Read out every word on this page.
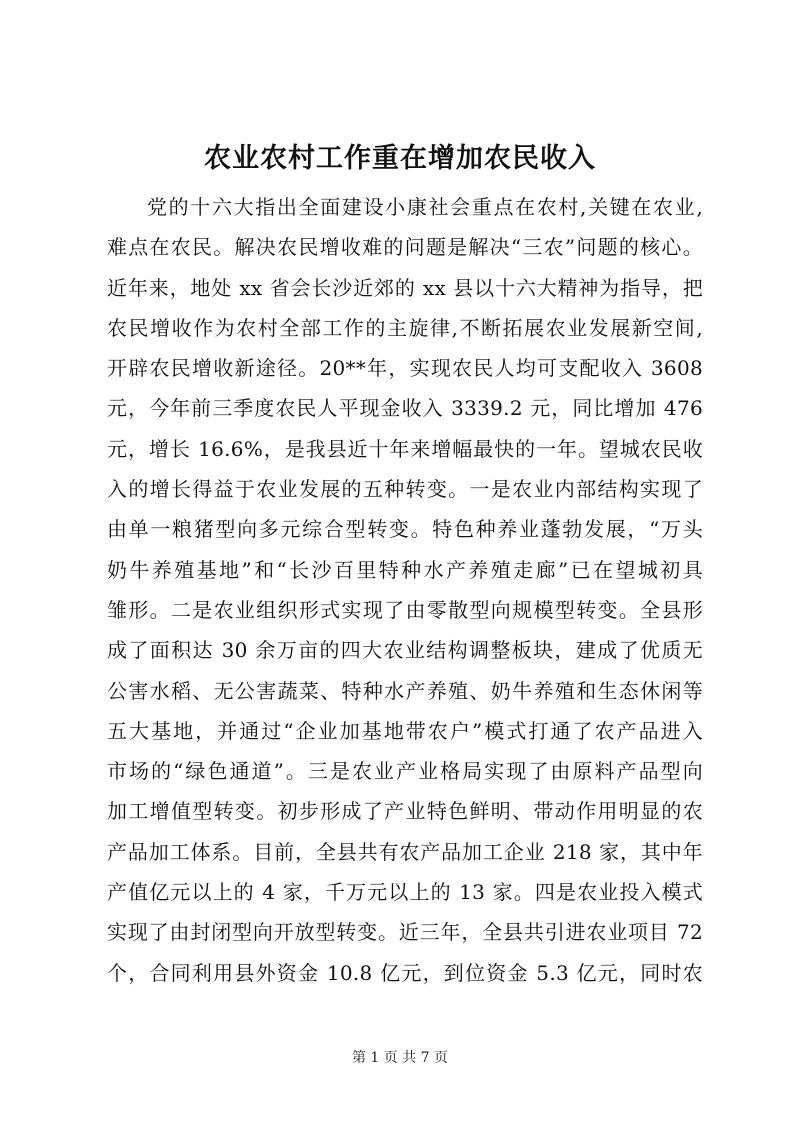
农业农村工作重在增加农民收入
党的十六大指出全面建设小康社会重点在农村,关键在农业,
难点在农民。解决农民增收难的问题是解决“三农”问题的核心。
近年来，地处 xx 省会长沙近郊的 xx 县以十六大精神为指导，把
农民增收作为农村全部工作的主旋律,不断拓展农业发展新空间,
开辟农民增收新途径。20**年，实现农民人均可支配收入 3608
元，今年前三季度农民人平现金收入 3339.2 元，同比增加 476
元，增长 16.6%，是我县近十年来增幅最快的一年。望城农民收
入的增长得益于农业发展的五种转变。一是农业内部结构实现了
由单一粮猪型向多元综合型转变。特色种养业蓬勃发展，“万头
奶牛养殖基地”和“长沙百里特种水产养殖走廊”已在望城初具
雏形。二是农业组织形式实现了由零散型向规模型转变。全县形
成了面积达 30 余万亩的四大农业结构调整板块，建成了优质无
公害水稻、无公害蔬菜、特种水产养殖、奶牛养殖和生态休闲等
五大基地，并通过“企业加基地带农户”模式打通了农产品进入
市场的“绿色通道”。三是农业产业格局实现了由原料产品型向
加工增值型转变。初步形成了产业特色鲜明、带动作用明显的农
产品加工体系。目前，全县共有农产品加工企业 218 家，其中年
产值亿元以上的 4 家，千万元以上的 13 家。四是农业投入模式
实现了由封闭型向开放型转变。近三年，全县共引进农业项目 72
个，合同利用县外资金 10.8 亿元，到位资金 5.3 亿元，同时农
第 1 页 共 7 页
